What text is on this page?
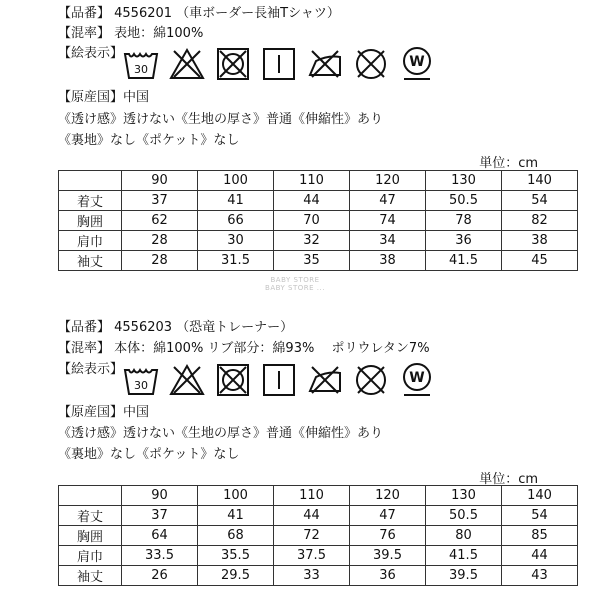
【品番】 4556201 （車ボーダー長袖Tシャツ）
【混率】 表地：綿100%
【絵表示】
30	W
【原産国】中国
《透け感》透けない《生地の厚さ》普通《伸縮性》あり
《裏地》なし《ポケット》なし
単位：cm
	90	100	110	120	130	140
着丈	37	41	44	47	50.5	54
胸囲	62	66	70	74	78	82
肩巾	28	30	32	34	36	38
袖丈	28	31.5	35	38	41.5	45
BABY STORE
BABY STORE ...
【品番】 4556203 （恐竜トレーナー）
【混率】 本体：綿100% リブ部分：綿93%　 ポリウレタン7%
【絵表示】
30	W
【原産国】中国
《透け感》透けない《生地の厚さ》普通《伸縮性》あり
《裏地》なし《ポケット》なし
単位：cm
	90	100	110	120	130	140
着丈	37	41	44	47	50.5	54
胸囲	64	68	72	76	80	85
肩巾	33.5	35.5	37.5	39.5	41.5	44
袖丈	26	29.5	33	36	39.5	43
